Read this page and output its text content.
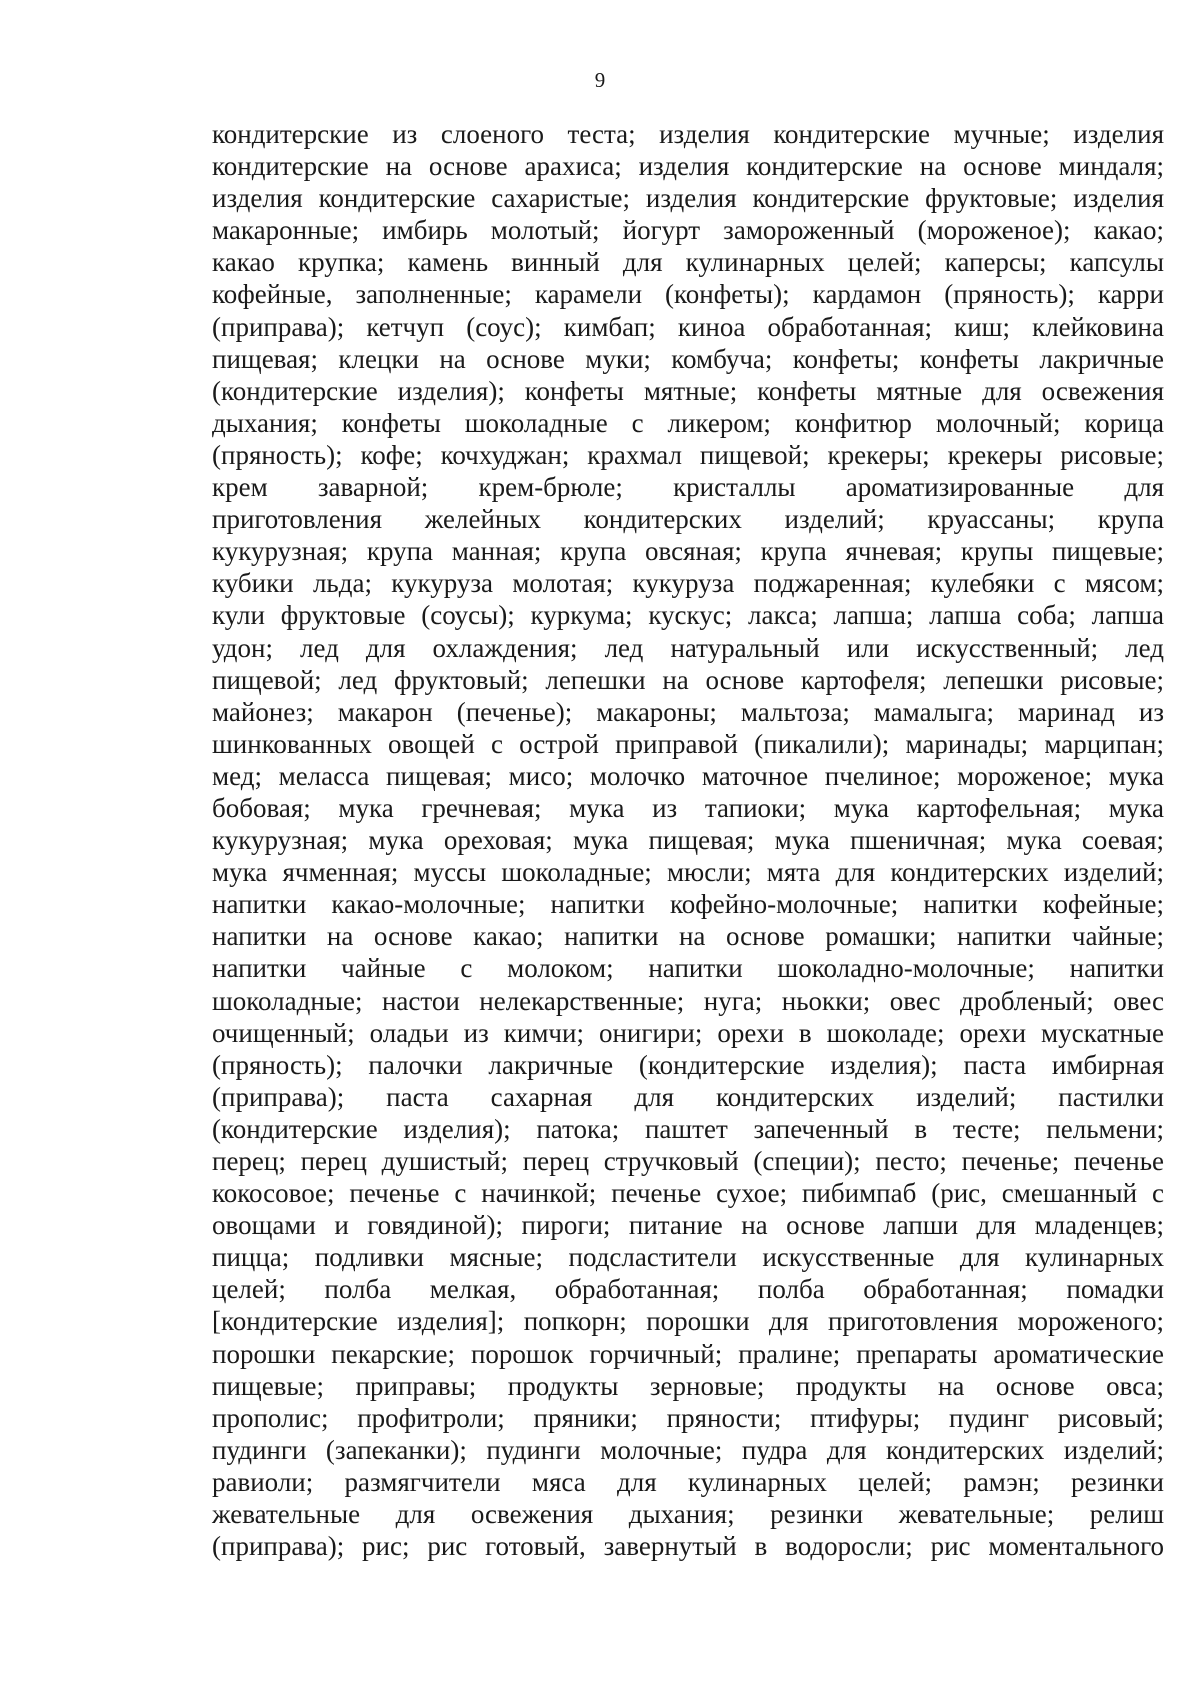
9
кондитерские из слоеного теста; изделия кондитерские мучные; изделия
кондитерские на основе арахиса; изделия кондитерские на основе миндаля;
изделия кондитерские сахаристые; изделия кондитерские фруктовые; изделия
макаронные; имбирь молотый; йогурт замороженный (мороженое); какао;
какао крупка; камень винный для кулинарных целей; каперсы; капсулы
кофейные, заполненные; карамели (конфеты); кардамон (пряность); карри
(приправа); кетчуп (соус); кимбап; киноа обработанная; киш; клейковина
пищевая; клецки на основе муки; комбуча; конфеты; конфеты лакричные
(кондитерские изделия); конфеты мятные; конфеты мятные для освежения
дыхания; конфеты шоколадные с ликером; конфитюр молочный; корица
(пряность); кофе; кочхуджан; крахмал пищевой; крекеры; крекеры рисовые;
крем заварной; крем-брюле; кристаллы ароматизированные для
приготовления желейных кондитерских изделий; круассаны; крупа
кукурузная; крупа манная; крупа овсяная; крупа ячневая; крупы пищевые;
кубики льда; кукуруза молотая; кукуруза поджаренная; кулебяки с мясом;
кули фруктовые (соусы); куркума; кускус; лакса; лапша; лапша соба; лапша
удон; лед для охлаждения; лед натуральный или искусственный; лед
пищевой; лед фруктовый; лепешки на основе картофеля; лепешки рисовые;
майонез; макарон (печенье); макароны; мальтоза; мамалыга; маринад из
шинкованных овощей с острой приправой (пикалили); маринады; марципан;
мед; меласса пищевая; мисо; молочко маточное пчелиное; мороженое; мука
бобовая; мука гречневая; мука из тапиоки; мука картофельная; мука
кукурузная; мука ореховая; мука пищевая; мука пшеничная; мука соевая;
мука ячменная; муссы шоколадные; мюсли; мята для кондитерских изделий;
напитки какао-молочные; напитки кофейно-молочные; напитки кофейные;
напитки на основе какао; напитки на основе ромашки; напитки чайные;
напитки чайные с молоком; напитки шоколадно-молочные; напитки
шоколадные; настои нелекарственные; нуга; ньокки; овес дробленый; овес
очищенный; оладьи из кимчи; онигири; орехи в шоколаде; орехи мускатные
(пряность); палочки лакричные (кондитерские изделия); паста имбирная
(приправа); паста сахарная для кондитерских изделий; пастилки
(кондитерские изделия); патока; паштет запеченный в тесте; пельмени;
перец; перец душистый; перец стручковый (специи); песто; печенье; печенье
кокосовое; печенье с начинкой; печенье сухое; пибимпаб (рис, смешанный с
овощами и говядиной); пироги; питание на основе лапши для младенцев;
пицца; подливки мясные; подсластители искусственные для кулинарных
целей; полба мелкая, обработанная; полба обработанная; помадки
[кондитерские изделия]; попкорн; порошки для приготовления мороженого;
порошки пекарские; порошок горчичный; пралине; препараты ароматические
пищевые; приправы; продукты зерновые; продукты на основе овса;
прополис; профитроли; пряники; пряности; птифуры; пудинг рисовый;
пудинги (запеканки); пудинги молочные; пудра для кондитерских изделий;
равиоли; размягчители мяса для кулинарных целей; рамэн; резинки
жевательные для освежения дыхания; резинки жевательные; релиш
(приправа); рис; рис готовый, завернутый в водоросли; рис моментального
